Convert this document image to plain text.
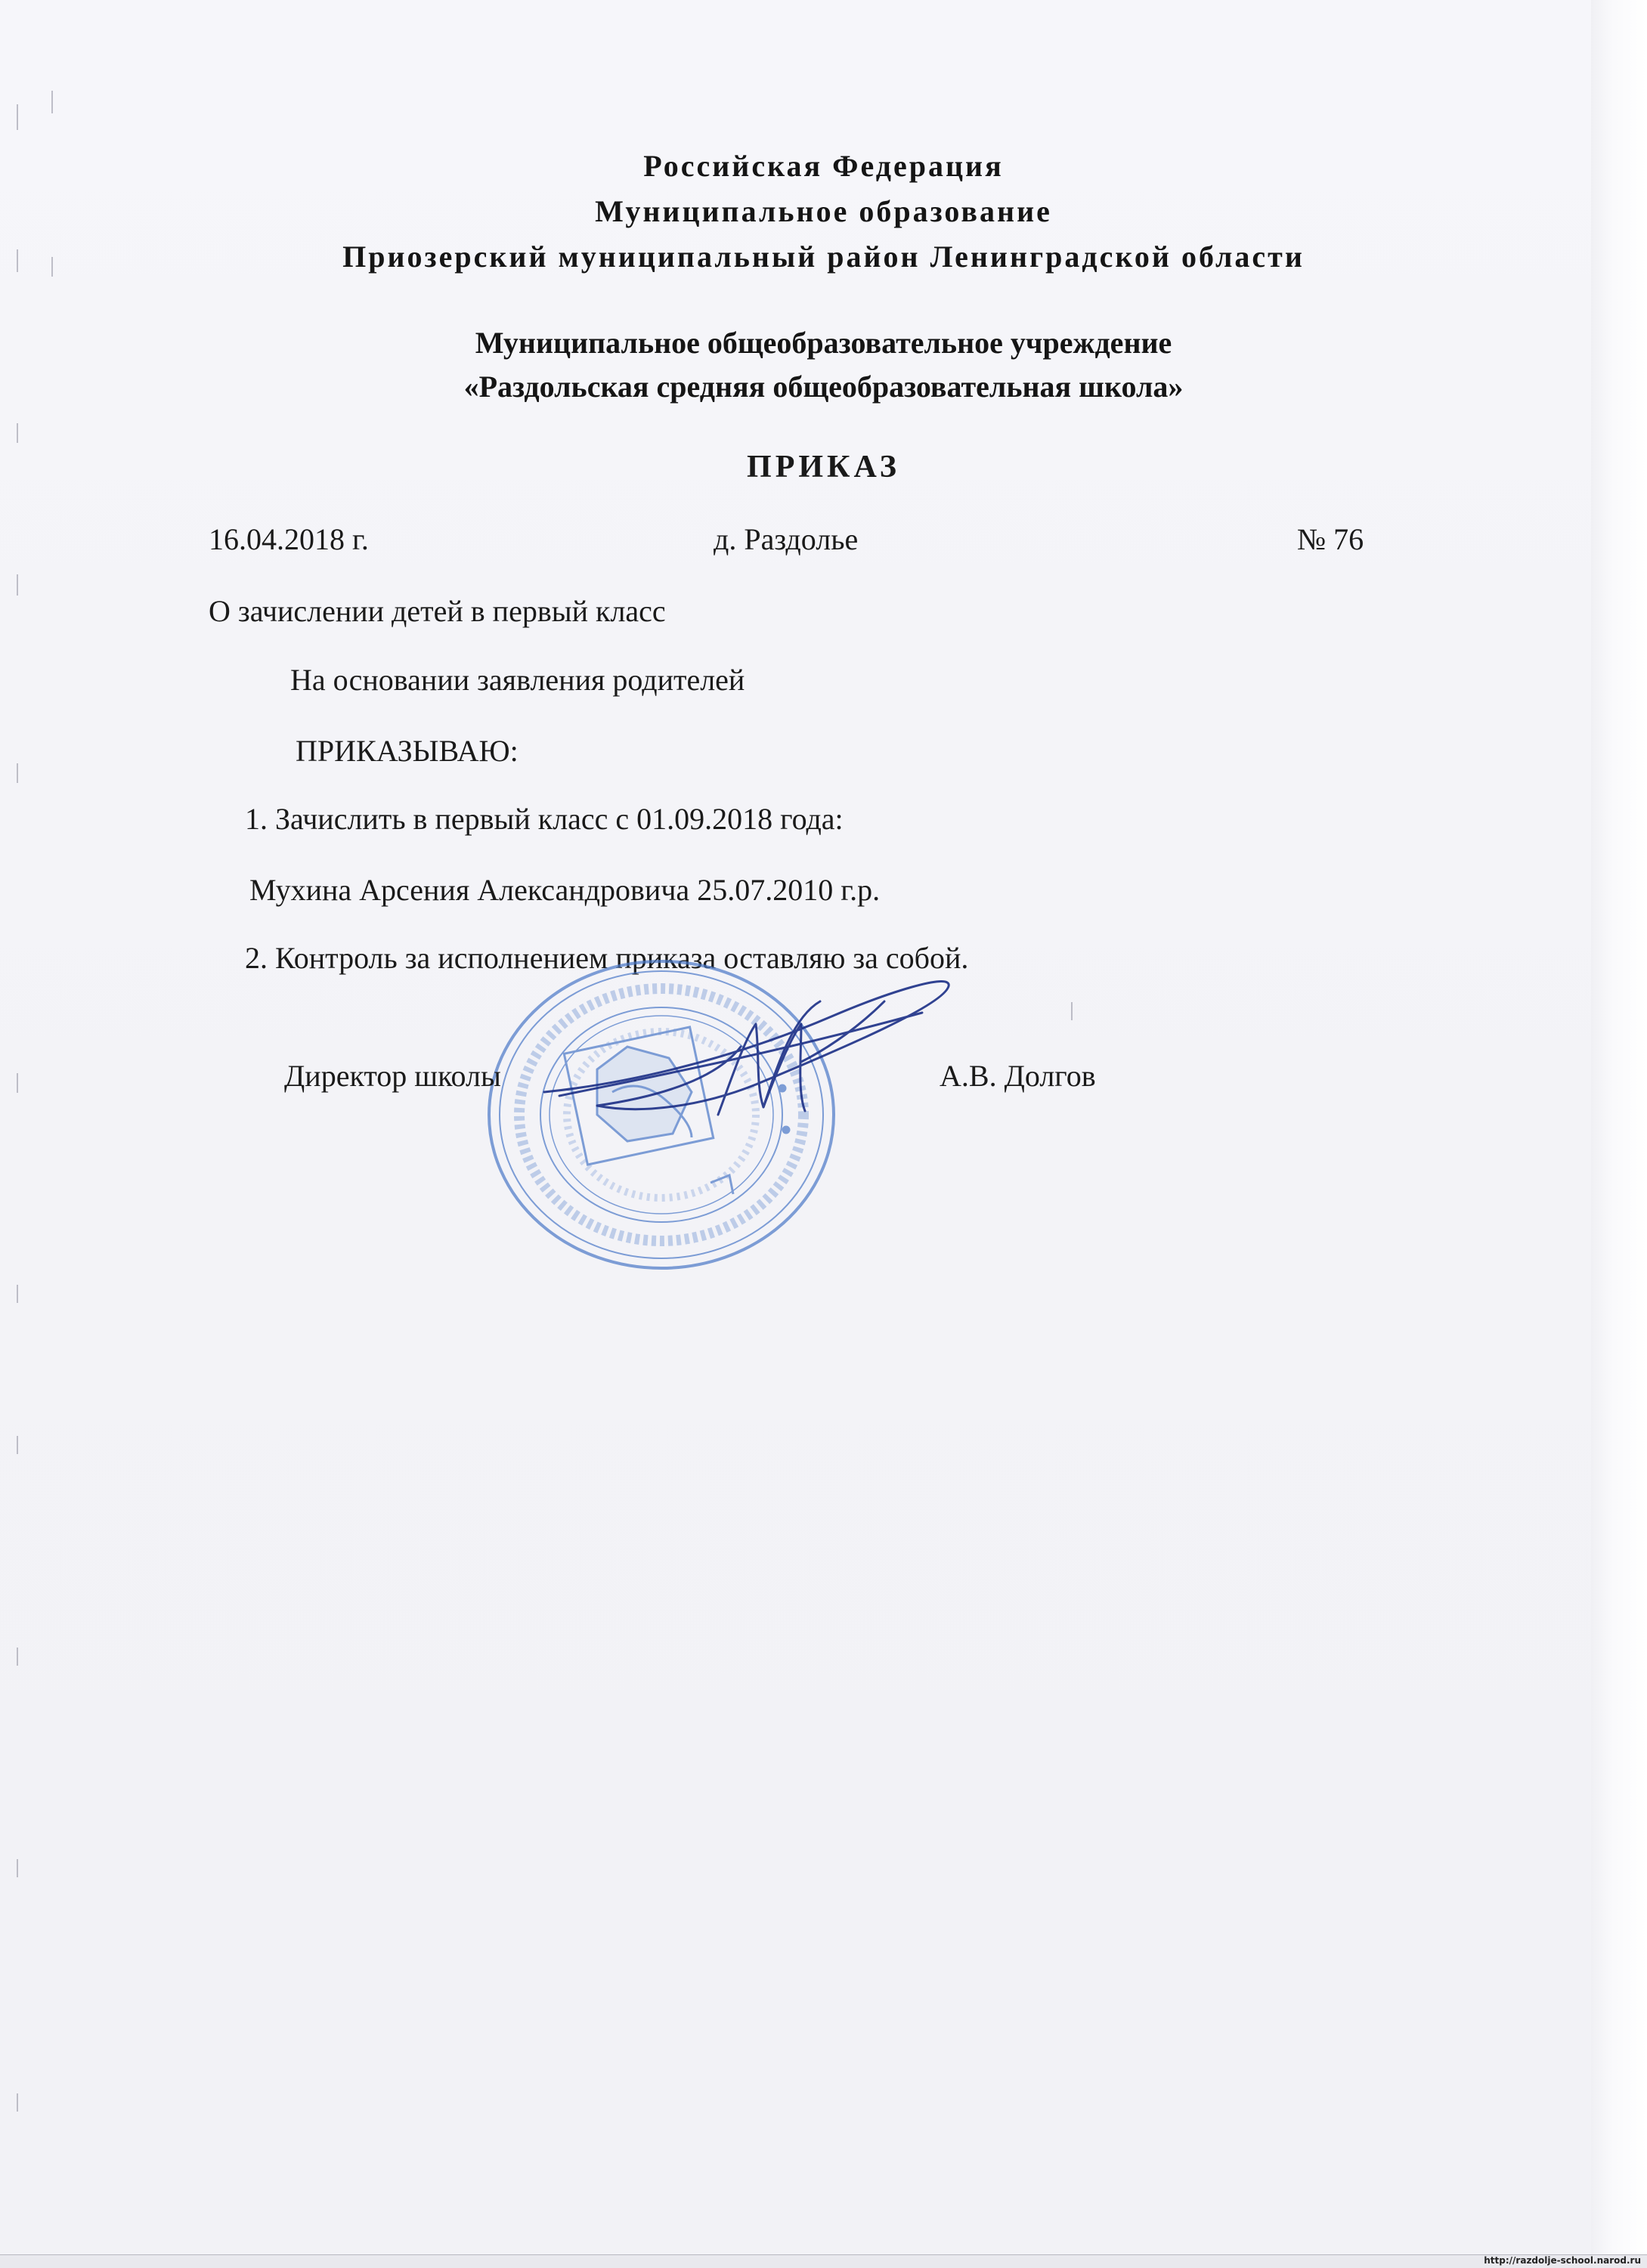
Российская Федерация
Муниципальное образование
Приозерский муниципальный район Ленинградской области
Муниципальное общеобразовательное учреждение
«Раздольская средняя общеобразовательная школа»
ПРИКАЗ
16.04.2018 г.	д. Раздолье	№ 76
О зачислении детей в первый класс
На основании заявления родителей
ПРИКАЗЫВАЮ:
1. Зачислить в первый класс с 01.09.2018 года:
Мухина Арсения Александровича 25.07.2010 г.р.
2. Контроль за исполнением приказа оставляю за собой.
Директор школы	А.В. Долгов
http://razdolje-school.narod.ru
